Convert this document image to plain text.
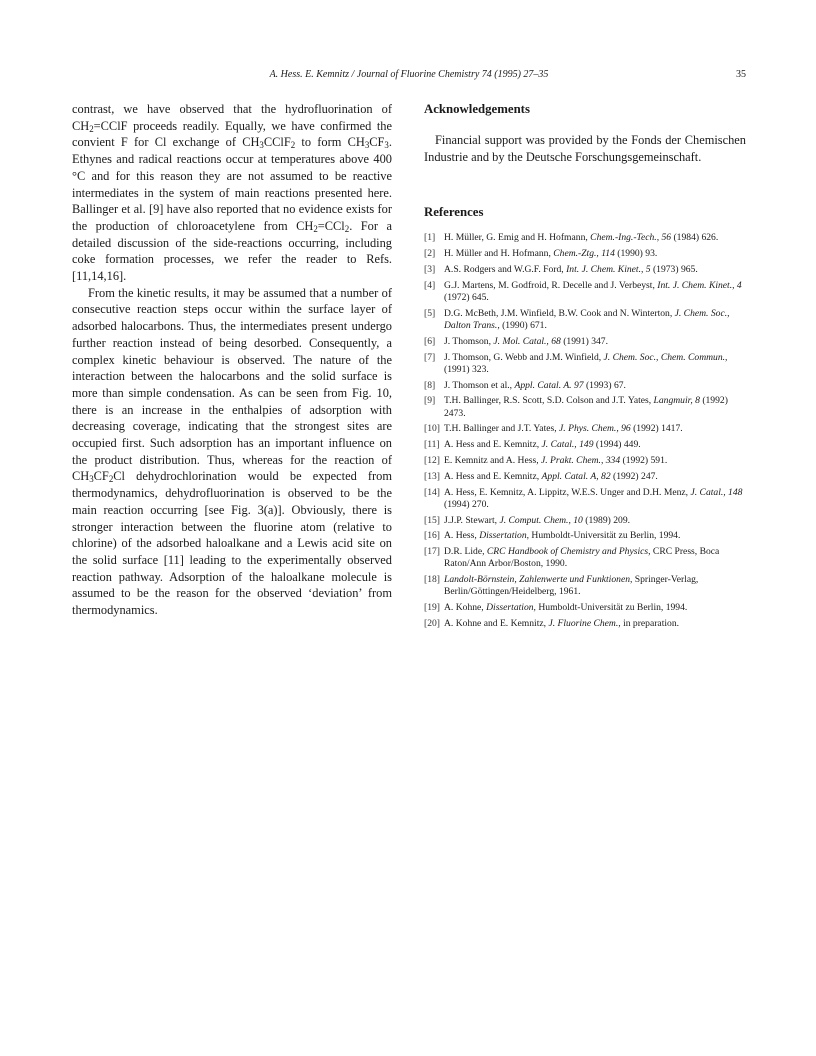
A. Hess. E. Kemnitz / Journal of Fluorine Chemistry 74 (1995) 27–35	35

contrast, we have observed that the hydrofluorination of $CH_2=CClF$ proceeds readily. Equally, we have confirmed the convient F for Cl exchange of $CH_3CClF_2$ to form $CH_3CF_3$. Ethynes and radical reactions occur at temperatures above 400 °C and for this reason they are not assumed to be reactive intermediates in the system of main reactions presented here. Ballinger et al. [9] have also reported that no evidence exists for the production of chloroacetylene from $CH_2=CCl_2$. For a detailed discussion of the side-reactions occurring, including coke formation processes, we refer the reader to Refs. [11,14,16].

From the kinetic results, it may be assumed that a number of consecutive reaction steps occur within the surface layer of adsorbed halocarbons. Thus, the intermediates present undergo further reaction instead of being desorbed. Consequently, a complex kinetic behaviour is observed. The nature of the interaction between the halocarbons and the solid surface is more than simple condensation. As can be seen from Fig. 10, there is an increase in the enthalpies of adsorption with decreasing coverage, indicating that the strongest sites are occupied first. Such adsorption has an important influence on the product distribution. Thus, whereas for the reaction of $CH_3CF_2Cl$ dehydrochlorination would be expected from thermodynamics, dehydrofluorination is observed to be the main reaction occurring [see Fig. 3(a)]. Obviously, there is stronger interaction between the fluorine atom (relative to chlorine) of the adsorbed haloalkane and a Lewis acid site on the solid surface [11] leading to the experimentally observed reaction pathway. Adsorption of the haloalkane molecule is assumed to be the reason for the observed ‘deviation’ from thermodynamics.

Acknowledgements

Financial support was provided by the Fonds der Chemischen Industrie and by the Deutsche Forschungsgemeinschaft.

References
[1] H. Müller, G. Emig and H. Hofmann, Chem.-Ing.-Tech., 56 (1984) 626.
[2] H. Müller and H. Hofmann, Chem.-Ztg., 114 (1990) 93.
[3] A.S. Rodgers and W.G.F. Ford, Int. J. Chem. Kinet., 5 (1973) 965.
[4] G.J. Martens, M. Godfroid, R. Decelle and J. Verbeyst, Int. J. Chem. Kinet., 4 (1972) 645.
[5] D.G. McBeth, J.M. Winfield, B.W. Cook and N. Winterton, J. Chem. Soc., Dalton Trans., (1990) 671.
[6] J. Thomson, J. Mol. Catal., 68 (1991) 347.
[7] J. Thomson, G. Webb and J.M. Winfield, J. Chem. Soc., Chem. Commun., (1991) 323.
[8] J. Thomson et al., Appl. Catal. A. 97 (1993) 67.
[9] T.H. Ballinger, R.S. Scott, S.D. Colson and J.T. Yates, Langmuir, 8 (1992) 2473.
[10] T.H. Ballinger and J.T. Yates, J. Phys. Chem., 96 (1992) 1417.
[11] A. Hess and E. Kemnitz, J. Catal., 149 (1994) 449.
[12] E. Kemnitz and A. Hess, J. Prakt. Chem., 334 (1992) 591.
[13] A. Hess and E. Kemnitz, Appl. Catal. A, 82 (1992) 247.
[14] A. Hess, E. Kemnitz, A. Lippitz, W.E.S. Unger and D.H. Menz, J. Catal., 148 (1994) 270.
[15] J.J.P. Stewart, J. Comput. Chem., 10 (1989) 209.
[16] A. Hess, Dissertation, Humboldt-Universität zu Berlin, 1994.
[17] D.R. Lide, CRC Handbook of Chemistry and Physics, CRC Press, Boca Raton/Ann Arbor/Boston, 1990.
[18] Landolt-Börnstein, Zahlenwerte und Funktionen, Springer-Verlag, Berlin/Göttingen/Heidelberg, 1961.
[19] A. Kohne, Dissertation, Humboldt-Universität zu Berlin, 1994.
[20] A. Kohne and E. Kemnitz, J. Fluorine Chem., in preparation.
